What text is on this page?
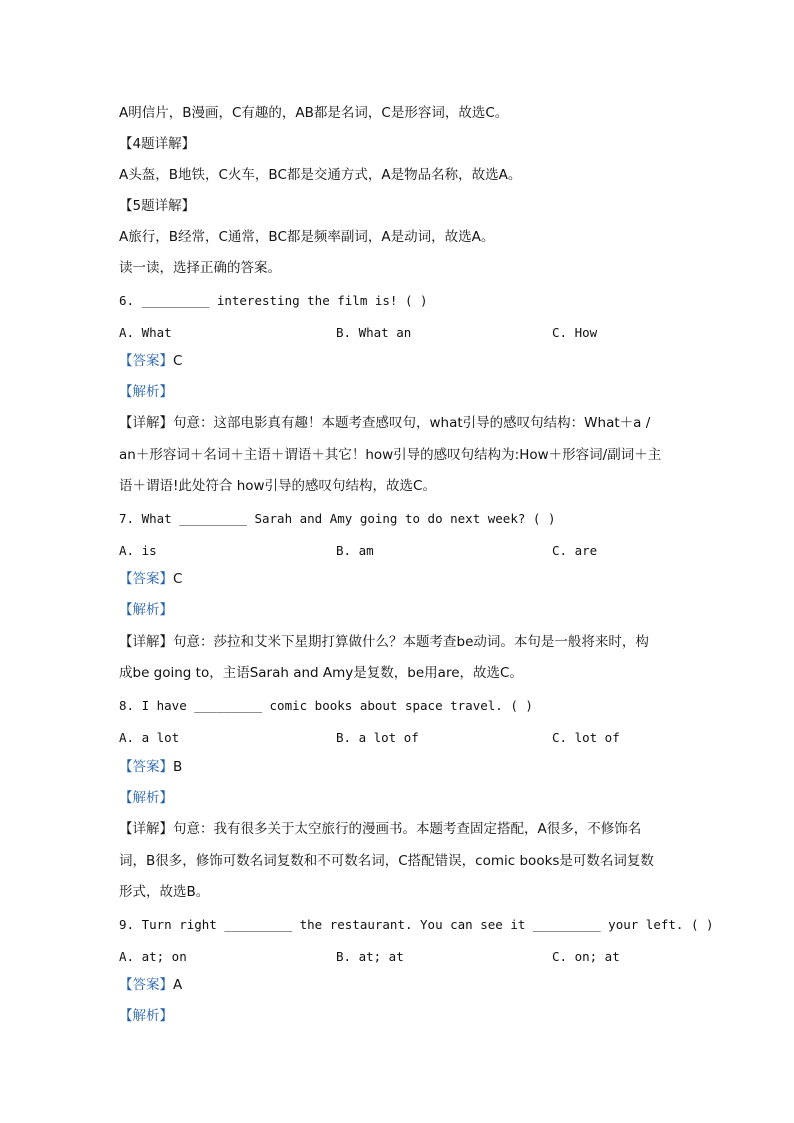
A明信片，B漫画，C有趣的，AB都是名词，C是形容词，故选C。
【4题详解】
A头盔，B地铁，C火车，BC都是交通方式，A是物品名称，故选A。
【5题详解】
A旅行，B经常，C通常，BC都是频率副词，A是动词，故选A。
读一读，选择正确的答案。
6. _________ interesting the film is! ( )
A. What	B. What an	C. How
【答案】C
【解析】
【详解】句意：这部电影真有趣！本题考查感叹句，what引导的感叹句结构：What＋a /
an＋形容词＋名词＋主语＋谓语＋其它！how引导的感叹句结构为:How＋形容词/副词＋主
语＋谓语!此处符合 how引导的感叹句结构，故选C。
7. What _________ Sarah and Amy going to do next week? ( )
A. is	B. am	C. are
【答案】C
【解析】
【详解】句意：莎拉和艾米下星期打算做什么？本题考查be动词。本句是一般将来时，构
成be going to，主语Sarah and Amy是复数，be用are，故选C。
8. I have _________ comic books about space travel. ( )
A. a lot	B. a lot of	C. lot of
【答案】B
【解析】
【详解】句意：我有很多关于太空旅行的漫画书。本题考查固定搭配，A很多，不修饰名
词，B很多，修饰可数名词复数和不可数名词，C搭配错误，comic books是可数名词复数
形式，故选B。
9. Turn right _________ the restaurant. You can see it _________ your left. ( )
A. at; on	B. at; at	C. on; at
【答案】A
【解析】
